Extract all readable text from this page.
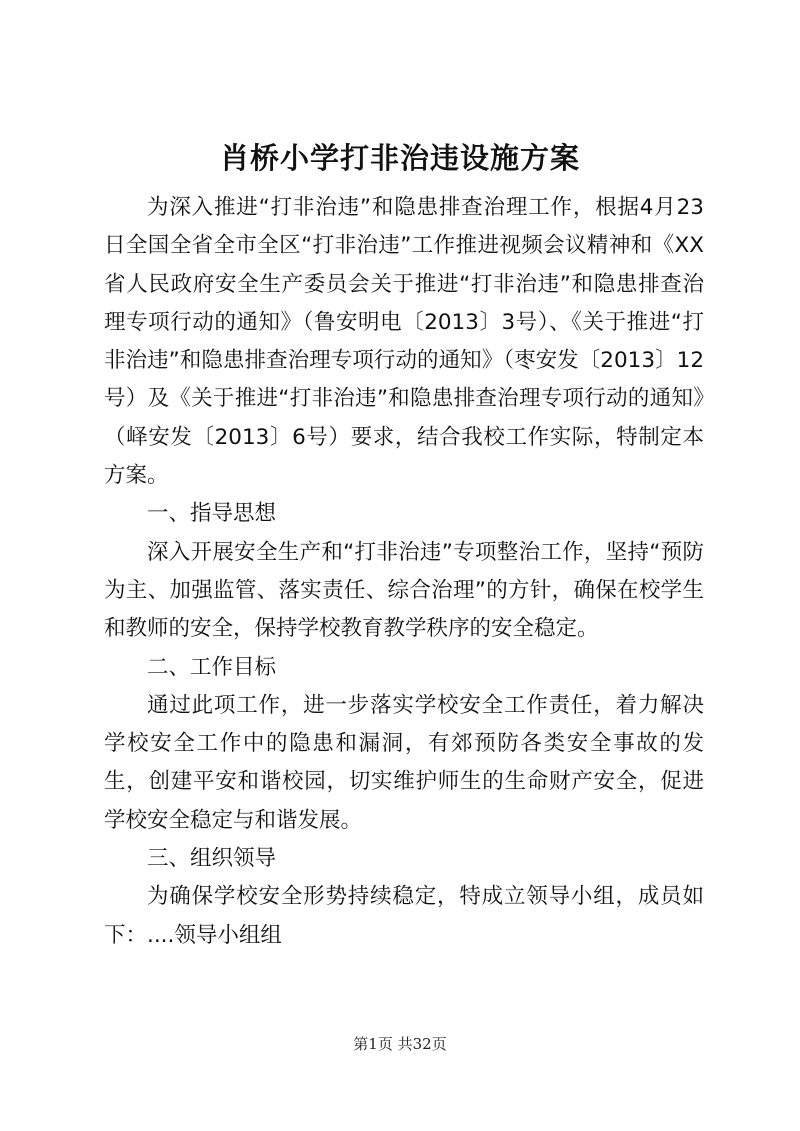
肖桥小学打非治违设施方案

为深入推进“打非治违”和隐患排查治理工作，根据4月23日全国全省全市全区“打非治违”工作推进视频会议精神和《XX省人民政府安全生产委员会关于推进“打非治违”和隐患排查治理专项行动的通知》（鲁安明电〔2013〕3号）、《关于推进“打非治违”和隐患排查治理专项行动的通知》（枣安发〔2013〕12号）及《关于推进“打非治违”和隐患排查治理专项行动的通知》（峄安发〔2013〕6号）要求，结合我校工作实际，特制定本方案。

一、指导思想

深入开展安全生产和“打非治违”专项整治工作，坚持“预防为主、加强监管、落实责任、综合治理”的方针，确保在校学生和教师的安全，保持学校教育教学秩序的安全稳定。

二、工作目标

通过此项工作，进一步落实学校安全工作责任，着力解决学校安全工作中的隐患和漏洞，有郊预防各类安全事故的发生，创建平安和谐校园，切实维护师生的生命财产安全，促进学校安全稳定与和谐发展。

三、组织领导

为确保学校安全形势持续稳定，特成立领导小组，成员如下：....领导小组组

第1页 共32页
